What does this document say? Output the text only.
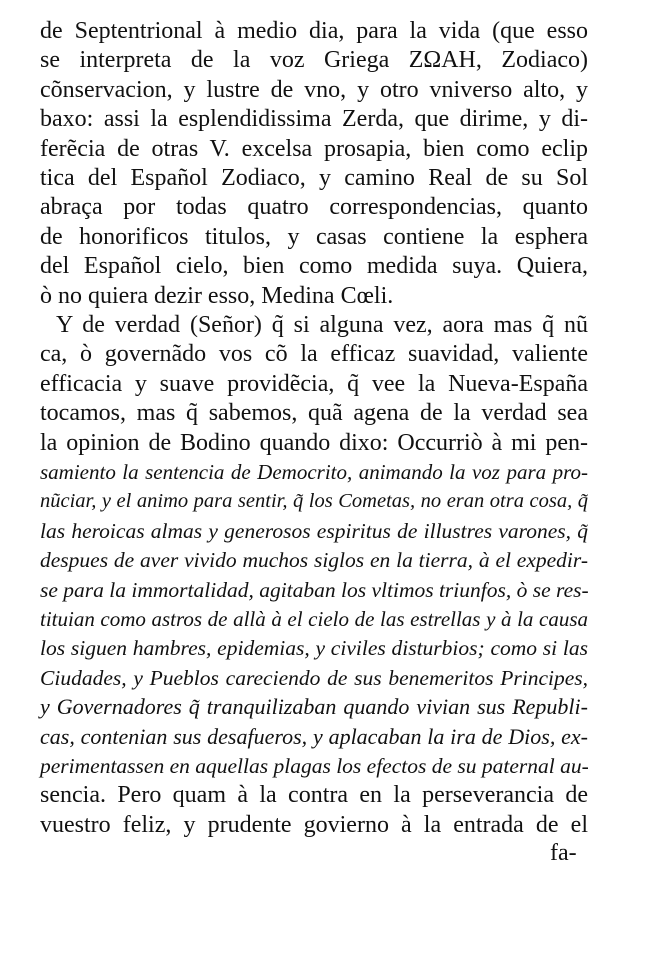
de Septentrional à medio dia, para la vida (que esso
se interpreta de la voz Griega ΖΩΑΗ, Zodiaco)
cõnservacion, y lustre de vno, y otro vniverso alto, y
baxo: assi la esplendidissima Zerda, que dirime, y di-
ferẽcia de otras V. excelsa prosapia, bien como eclip
tica del Español Zodiaco, y camino Real de su Sol
abraça por todas quatro correspondencias, quanto
de honorificos titulos, y casas contiene la esphera
del Español cielo, bien como medida suya. Quiera,
ò no quiera dezir esso, Medina Cœli.
Y de verdad (Señor) q̃ si alguna vez, aora mas q̃ nũ
ca, ò governãdo vos cõ la efficaz suavidad, valiente
efficacia y suave providẽcia, q̃ vee la Nueva-España
tocamos, mas q̃ sabemos, quã agena de la verdad sea
la opinion de Bodino quando dixo: Occurriò à mi pen-
samiento la sentencia de Democrito, animando la voz para pro-
nũciar, y el animo para sentir, q̃ los Cometas, no eran otra cosa, q̃
las heroicas almas y generosos espiritus de illustres varones, q̃
despues de aver vivido muchos siglos en la tierra, à el expedir-
se para la immortalidad, agitaban los vltimos triunfos, ò se res-
tituian como astros de allà à el cielo de las estrellas y à la causa
los siguen hambres, epidemias, y civiles disturbios; como si las
Ciudades, y Pueblos careciendo de sus benemeritos Principes,
y Governadores q̃ tranquilizaban quando vivian sus Republi-
cas, contenian sus desafueros, y aplacaban la ira de Dios, ex-
perimentassen en aquellas plagas los efectos de su paternal au-
sencia. Pero quam à la contra en la perseverancia de
vuestro feliz, y prudente govierno à la entrada de el
fa-
